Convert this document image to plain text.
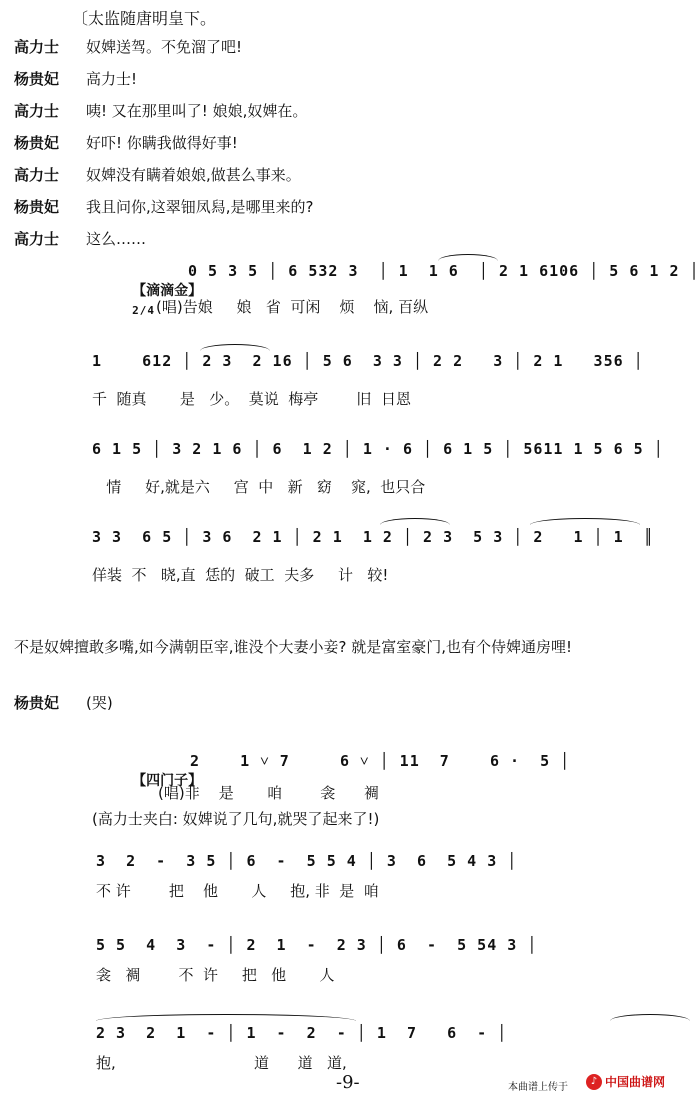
〔太监随唐明皇下。
高力士 奴婢送驾。不免溜了吧!
杨贵妃 高力士!
高力士 咦! 又在那里叫了! 娘娘,奴婢在。
杨贵妃 好吓! 你瞒我做得好事!
高力士 奴婢没有瞒着娘娘,做甚么事来。
杨贵妃 我且问你,这翠钿凤舄,是哪里来的?
高力士 这么……

【滴滴金】
2/4

0 5 3 5 │ 6 532 3  │ 1  1 6  │ 2 1 6106 │ 5 6 1 2 │
(唱)告娘     娘   省  可闲    烦    恼, 百纵
1    612 │ 2 3  2 16 │ 5 6  3 3 │ 2 2   3 │ 2 1   356 │
千  随真       是   少。  莫说  梅亭        旧  日恩
6 1 5 │ 3 2 1 6 │ 6  1 2 │ 1 · 6 │ 6 1 5 │ 5611 1 5 6 5 │
情     好,就是六     宫  中   新   窈    窕,  也只合
3 3  6 5 │ 3 6  2 1 │ 2 1  1 2 │ 2 3  5 3 │ 2   1 │ 1  ║
佯装  不   晓,直  恁的  破工  夫多     计   较!
不是奴婢擅敢多嘴,如今满朝臣宰,谁没个大妻小妾? 就是富室豪门,也有个侍婢通房哩!
杨贵妃 (哭)

【四门子】

2    1 ˅ 7     6 ˅ │ 11  7    6 ·  5 │
(唱)非    是       咱        衾      裯
(高力士夹白: 奴婢说了几句,就哭了起来了!)
3  2  -  3 5 │ 6  -  5 5 4 │ 3  6  5 4 3 │
不 许        把    他       人     抱, 非  是  咱
5 5  4  3  - │ 2  1  -  2 3 │ 6  -  5 54 3 │
衾   裯        不  许     把   他       人
2 3  2  1  - │ 1  -  2  - │ 1  7   6  - │
抱,                             道      道   道,
-9-	本曲谱上传于
♪ 中国曲谱网
